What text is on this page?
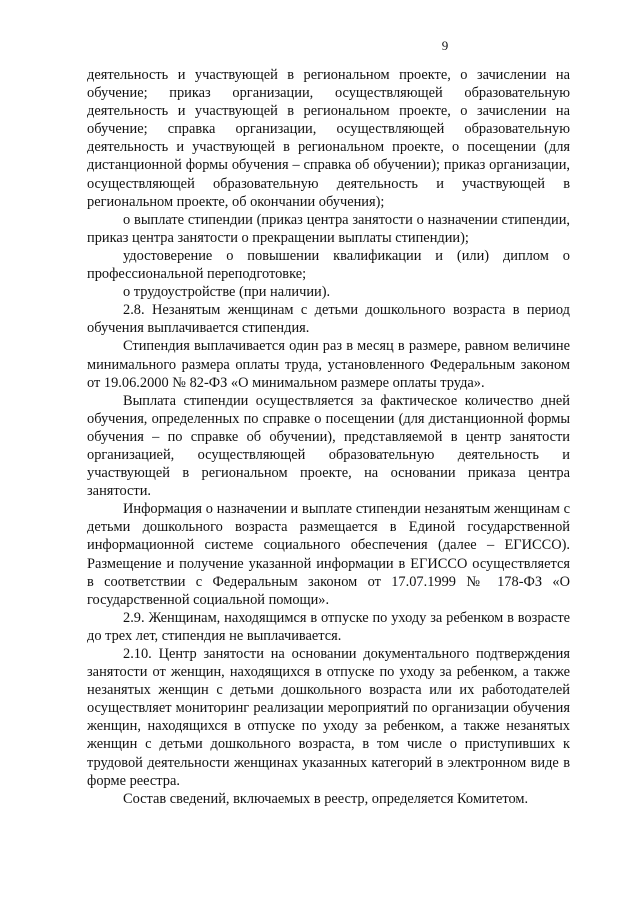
9

деятельность и участвующей в региональном проекте, о зачислении на обучение; приказ организации, осуществляющей образовательную деятельность и участвующей в региональном проекте, о зачислении на обучение; справка организации, осуществляющей образовательную деятельность и участвующей в региональном проекте, о посещении (для дистанционной формы обучения – справка об обучении); приказ организации, осуществляющей образовательную деятельность и участвующей в региональном проекте, об окончании обучения);

о выплате стипендии (приказ центра занятости о назначении стипендии, приказ центра занятости о прекращении выплаты стипендии);

удостоверение о повышении квалификации и (или) диплом о профессиональной переподготовке;

о трудоустройстве (при наличии).

2.8. Незанятым женщинам с детьми дошкольного возраста в период обучения выплачивается стипендия.

Стипендия выплачивается один раз в месяц в размере, равном величине минимального размера оплаты труда, установленного Федеральным законом от 19.06.2000 № 82-ФЗ «О минимальном размере оплаты труда».

Выплата стипендии осуществляется за фактическое количество дней обучения, определенных по справке о посещении (для дистанционной формы обучения – по справке об обучении), представляемой в центр занятости организацией, осуществляющей образовательную деятельность и участвующей в региональном проекте, на основании приказа центра занятости.

Информация о назначении и выплате стипендии незанятым женщинам с детьми дошкольного возраста размещается в Единой государственной информационной системе социального обеспечения (далее – ЕГИССО). Размещение и получение указанной информации в ЕГИССО осуществляется в соответствии с Федеральным законом от 17.07.1999 № 178-ФЗ «О государственной социальной помощи».

2.9. Женщинам, находящимся в отпуске по уходу за ребенком в возрасте до трех лет, стипендия не выплачивается.

2.10. Центр занятости на основании документального подтверждения занятости от женщин, находящихся в отпуске по уходу за ребенком, а также незанятых женщин с детьми дошкольного возраста или их работодателей осуществляет мониторинг реализации мероприятий по организации обучения женщин, находящихся в отпуске по уходу за ребенком, а также незанятых женщин с детьми дошкольного возраста, в том числе о приступивших к трудовой деятельности женщинах указанных категорий в электронном виде в форме реестра.

Состав сведений, включаемых в реестр, определяется Комитетом.
